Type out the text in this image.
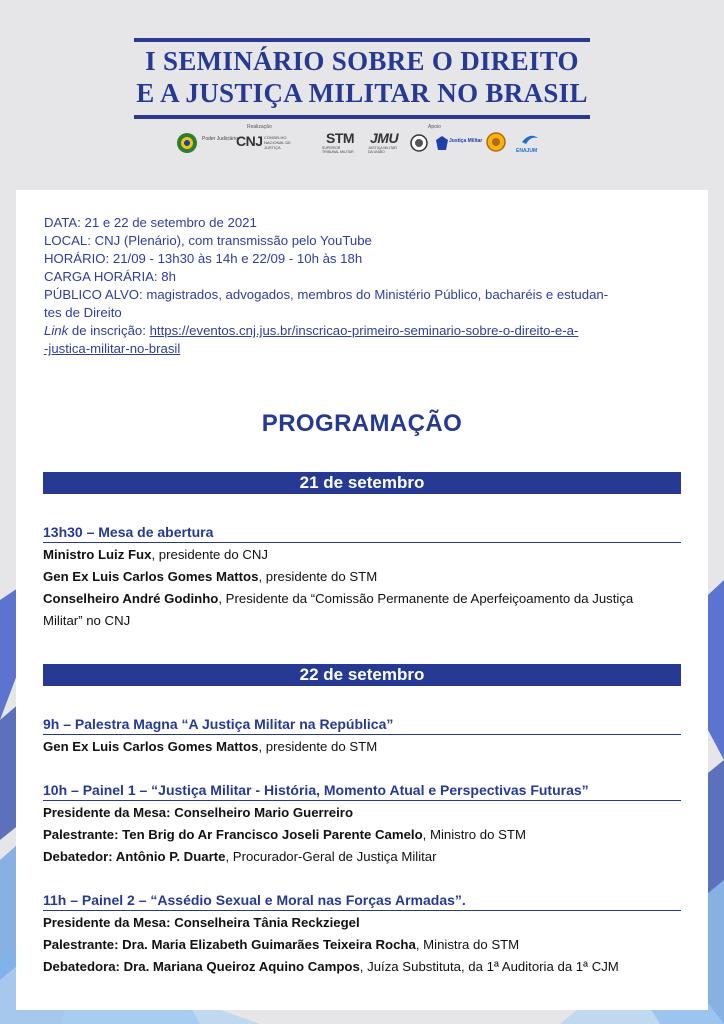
I SEMINÁRIO SOBRE O DIREITO
E A JUSTIÇA MILITAR NO BRASIL
Realização	Apoio
Poder Judiciário
CNJ CONSELHO NACIONAL DE JUSTIÇA
STM
SUPERIOR TRIBUNAL MILITAR
JMU
JUSTIÇA MILITAR DA UNIÃO
Justiça Militar
ENAJUM
DATA: 21 e 22 de setembro de 2021
LOCAL: CNJ (Plenário), com transmissão pelo YouTube
HORÁRIO: 21/09 - 13h30 às 14h e 22/09 - 10h às 18h
CARGA HORÁRIA: 8h
PÚBLICO ALVO: magistrados, advogados, membros do Ministério Público, bacharéis e estudan-
tes de Direito
Link de inscrição: https://eventos.cnj.jus.br/inscricao-primeiro-seminario-sobre-o-direito-e-a-
-justica-militar-no-brasil
PROGRAMAÇÃO
21 de setembro
13h30 – Mesa de abertura
Ministro Luiz Fux, presidente do CNJ
Gen Ex Luis Carlos Gomes Mattos, presidente do STM
Conselheiro André Godinho, Presidente da “Comissão Permanente de Aperfeiçoamento da Justiça
Militar” no CNJ
22 de setembro
9h – Palestra Magna “A Justiça Militar na República”
Gen Ex Luis Carlos Gomes Mattos, presidente do STM
10h – Painel 1 – “Justiça Militar - História, Momento Atual e Perspectivas Futuras”
Presidente da Mesa: Conselheiro Mario Guerreiro
Palestrante: Ten Brig do Ar Francisco Joseli Parente Camelo, Ministro do STM
Debatedor: Antônio P. Duarte, Procurador-Geral de Justiça Militar
11h – Painel 2 – “Assédio Sexual e Moral nas Forças Armadas”.
Presidente da Mesa: Conselheira Tânia Reckziegel
Palestrante: Dra. Maria Elizabeth Guimarães Teixeira Rocha, Ministra do STM
Debatedora: Dra. Mariana Queiroz Aquino Campos, Juíza Substituta, da 1ª Auditoria da 1ª CJM
